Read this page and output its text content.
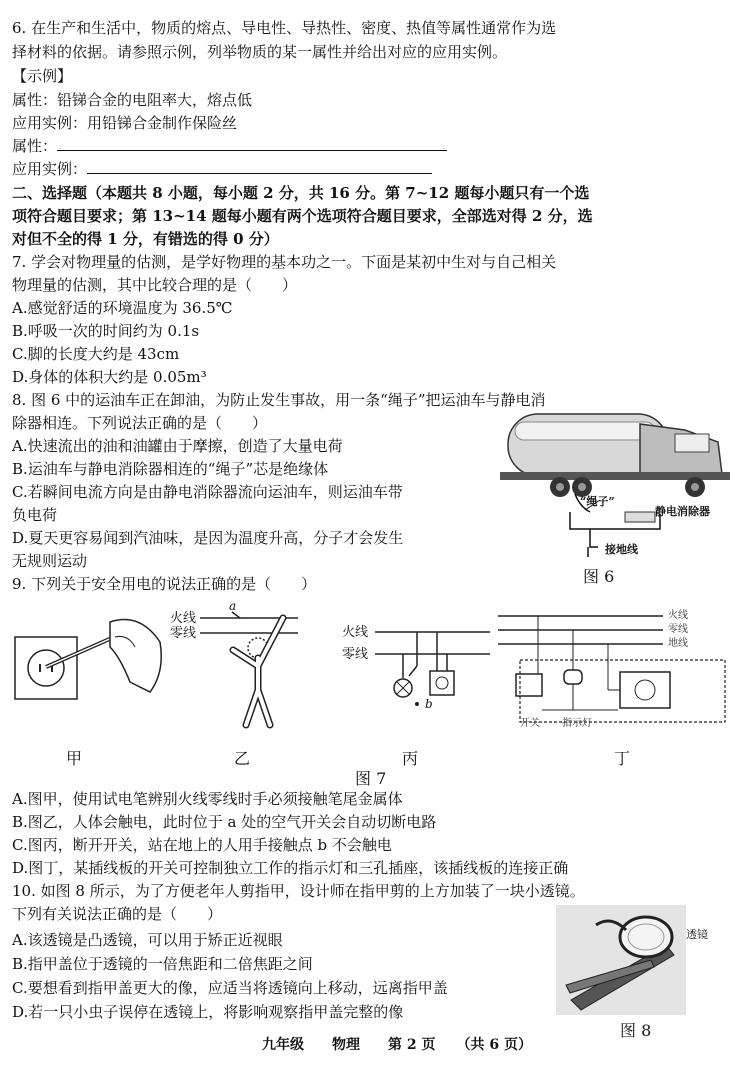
6. 在生产和生活中，物质的熔点、导电性、导热性、密度、热值等属性通常作为选
择材料的依据。请参照示例，列举物质的某一属性并给出对应的应用实例。
【示例】
属性：铅锑合金的电阻率大，熔点低
应用实例：用铅锑合金制作保险丝
属性：
应用实例：
二、选择题（本题共 8 小题，每小题 2 分，共 16 分。第 7~12 题每小题只有一个选
项符合题目要求；第 13~14 题每小题有两个选项符合题目要求，全部选对得 2 分，选
对但不全的得 1 分，有错选的得 0 分）
7. 学会对物理量的估测，是学好物理的基本功之一。下面是某初中生对与自己相关
物理量的估测，其中比较合理的是（　　）
A.感觉舒适的环境温度为 36.5℃
B.呼吸一次的时间约为 0.1s
C.脚的长度大约是 43cm
D.身体的体积大约是 0.05m³
8. 图 6 中的运油车正在卸油，为防止发生事故，用一条“绳子”把运油车与静电消
除器相连。下列说法正确的是（　　）
A.快速流出的油和油罐由于摩擦，创造了大量电荷
B.运油车与静电消除器相连的“绳子”芯是绝缘体
C.若瞬间电流方向是由静电消除器流向运油车，则运油车带
负电荷
D.夏天更容易闻到汽油味，是因为温度升高，分子才会发生
无规则运动
“绳子”
静电消除器
接地线
图 6
9. 下列关于安全用电的说法正确的是（　　）
火线
零线
a
火线
零线
b
火线
零线
地线
开关 指示灯
甲	乙	丙	丁
图 7
A.图甲，使用试电笔辨别火线零线时手必须接触笔尾金属体
B.图乙，人体会触电，此时位于 a 处的空气开关会自动切断电路
C.图丙，断开开关，站在地上的人用手接触点 b 不会触电
D.图丁，某插线板的开关可控制独立工作的指示灯和三孔插座，该插线板的连接正确
10. 如图 8 所示，为了方便老年人剪指甲，设计师在指甲剪的上方加装了一块小透镜。
下列有关说法正确的是（　　）
A.该透镜是凸透镜，可以用于矫正近视眼
B.指甲盖位于透镜的一倍焦距和二倍焦距之间
C.要想看到指甲盖更大的像，应适当将透镜向上移动，远离指甲盖
D.若一只小虫子误停在透镜上，将影响观察指甲盖完整的像
透镜
图 8
九年级　　物理　　第 2 页　　（共 6 页）
